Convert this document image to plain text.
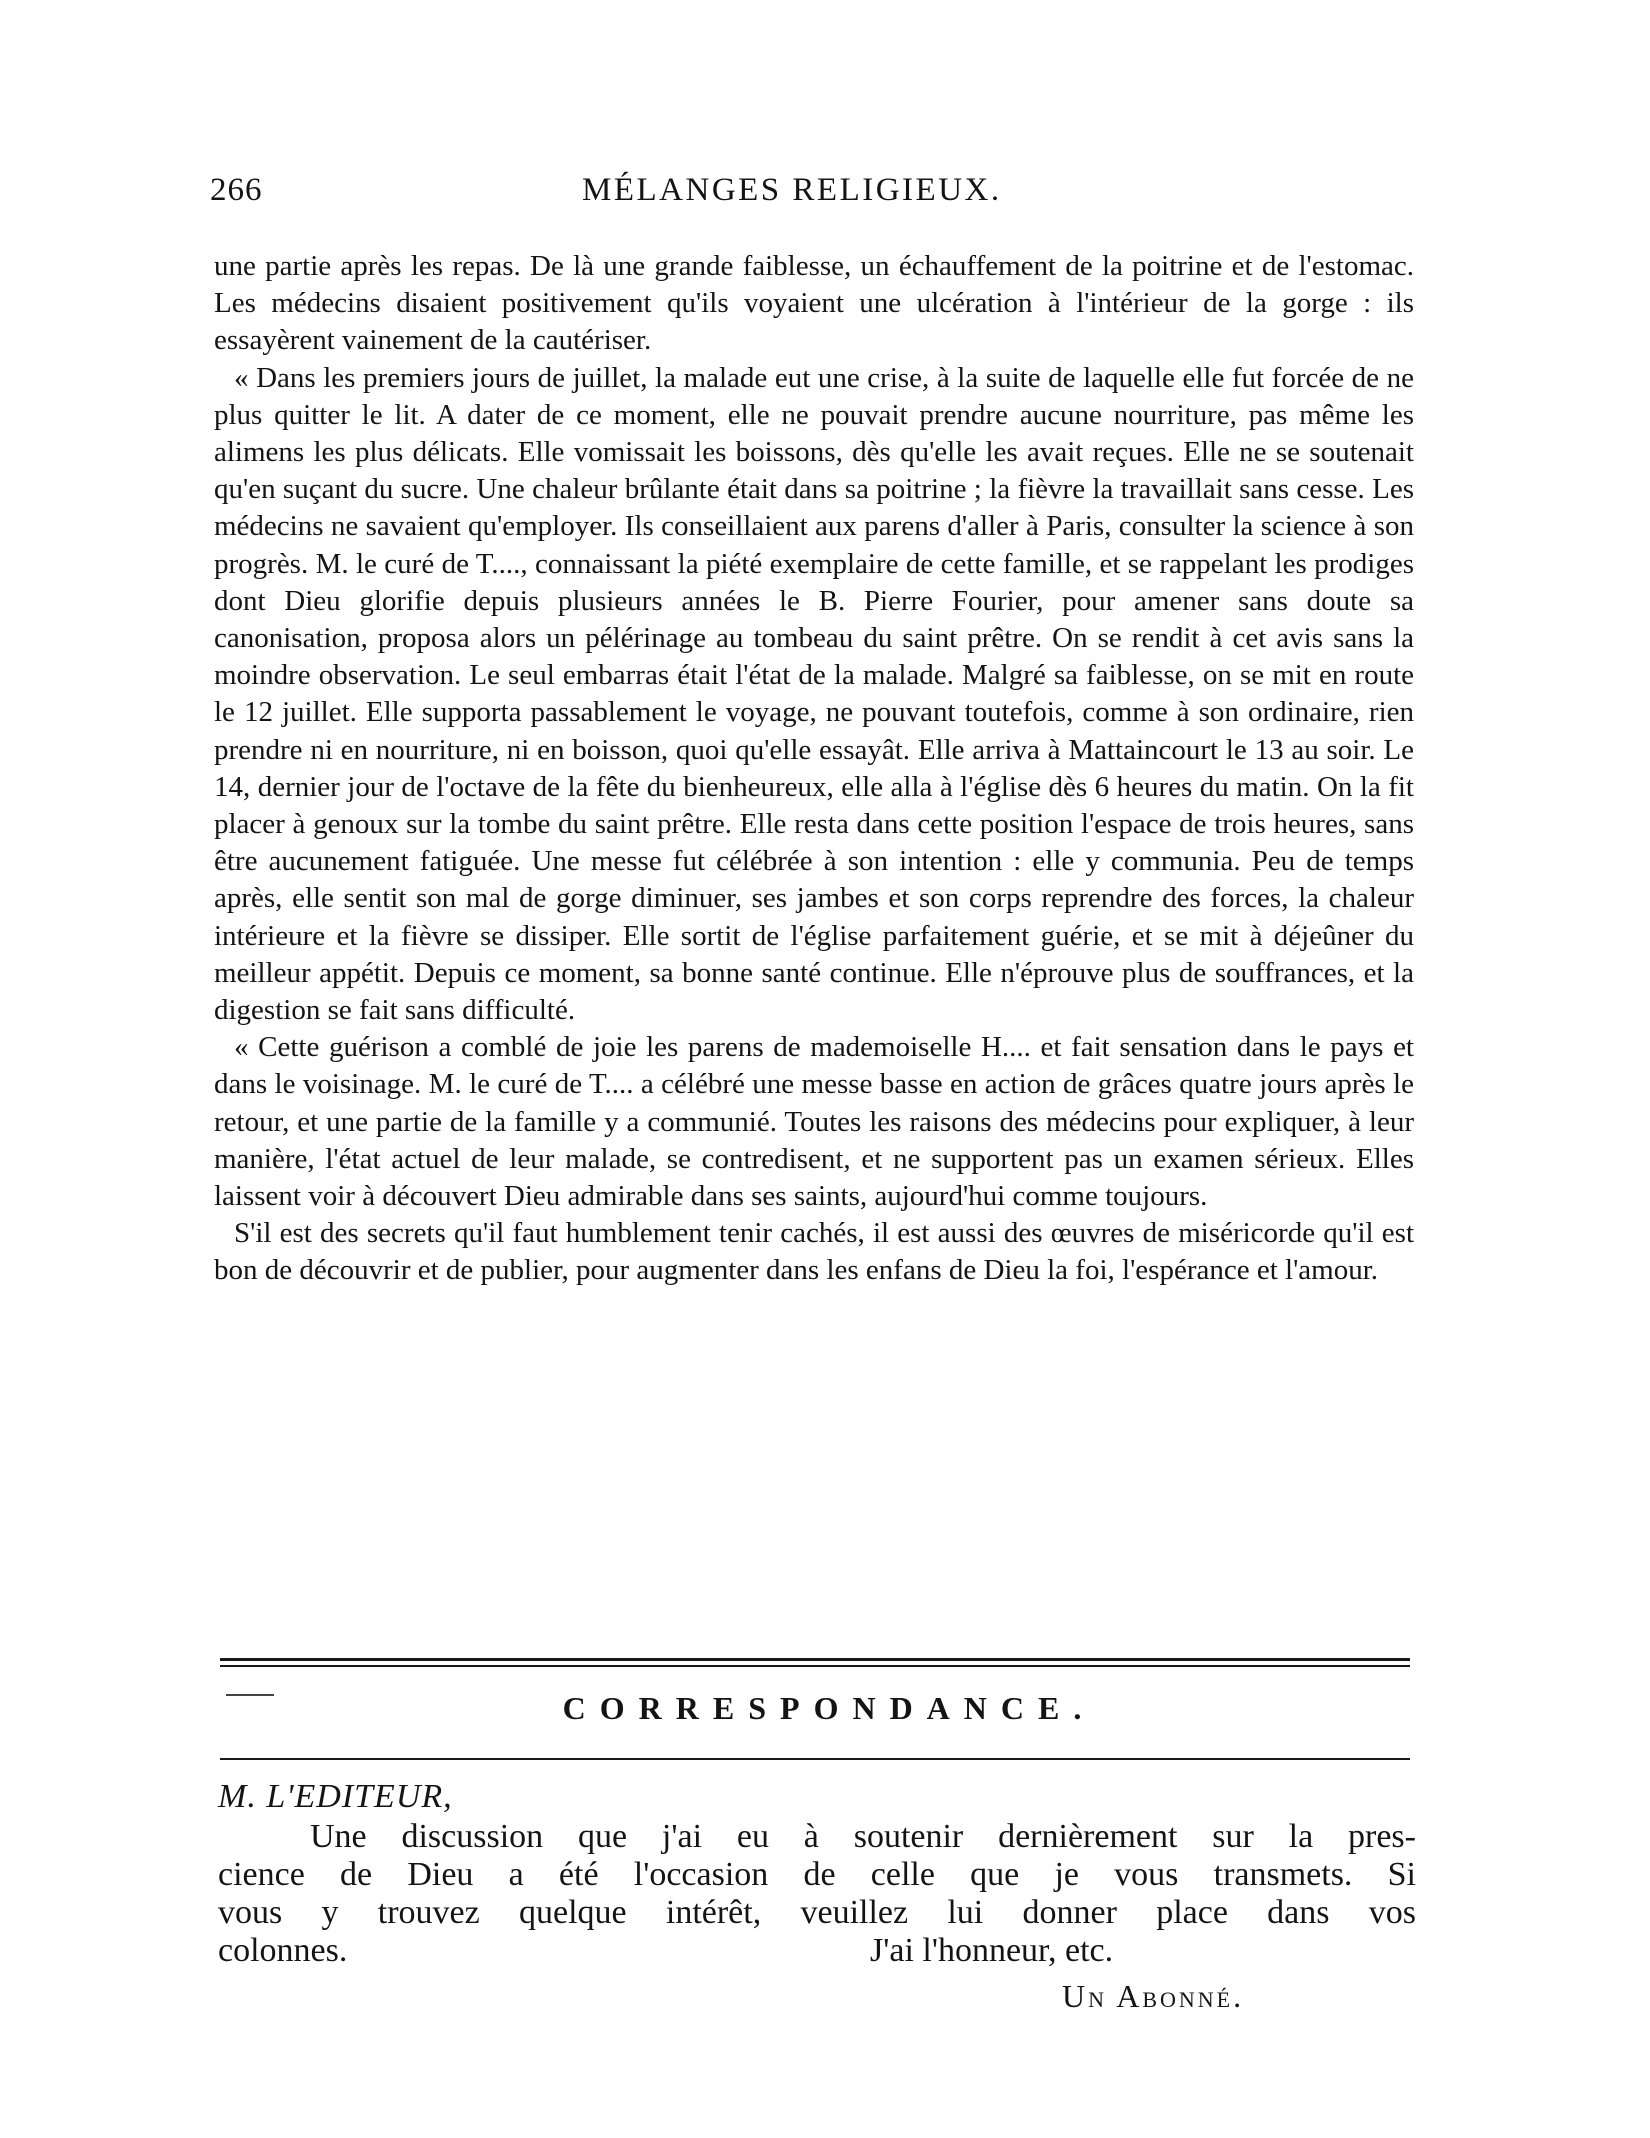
266	MÉLANGES RELIGIEUX.

une partie après les repas. De là une grande faiblesse, un échauffement de la poitrine et de l'estomac. Les médecins disaient positivement qu'ils voyaient une ulcération à l'intérieur de la gorge : ils essayèrent vainement de la cautériser.

« Dans les premiers jours de juillet, la malade eut une crise, à la suite de laquelle elle fut forcée de ne plus quitter le lit. A dater de ce moment, elle ne pouvait prendre aucune nourriture, pas même les alimens les plus délicats. Elle vomissait les boissons, dès qu'elle les avait reçues. Elle ne se soutenait qu'en suçant du sucre. Une chaleur brûlante était dans sa poitrine ; la fièvre la travaillait sans cesse. Les médecins ne savaient qu'employer. Ils conseillaient aux parens d'aller à Paris, consulter la science à son progrès. M. le curé de T...., connaissant la piété exemplaire de cette famille, et se rappelant les prodiges dont Dieu glorifie depuis plusieurs années le B. Pierre Fourier, pour amener sans doute sa canonisation, proposa alors un pélérinage au tombeau du saint prêtre. On se rendit à cet avis sans la moindre observation. Le seul embarras était l'état de la malade. Malgré sa faiblesse, on se mit en route le 12 juillet. Elle supporta passablement le voyage, ne pouvant toutefois, comme à son ordinaire, rien prendre ni en nourriture, ni en boisson, quoi qu'elle essayât. Elle arriva à Mattaincourt le 13 au soir. Le 14, dernier jour de l'octave de la fête du bienheureux, elle alla à l'église dès 6 heures du matin. On la fit placer à genoux sur la tombe du saint prêtre. Elle resta dans cette position l'espace de trois heures, sans être aucunement fatiguée. Une messe fut célébrée à son intention : elle y communia. Peu de temps après, elle sentit son mal de gorge diminuer, ses jambes et son corps reprendre des forces, la chaleur intérieure et la fièvre se dissiper. Elle sortit de l'église parfaitement guérie, et se mit à déjeûner du meilleur appétit. Depuis ce moment, sa bonne santé continue. Elle n'éprouve plus de souffrances, et la digestion se fait sans difficulté.

« Cette guérison a comblé de joie les parens de mademoiselle H.... et fait sensation dans le pays et dans le voisinage. M. le curé de T.... a célébré une messe basse en action de grâces quatre jours après le retour, et une partie de la famille y a communié. Toutes les raisons des médecins pour expliquer, à leur manière, l'état actuel de leur malade, se contredisent, et ne supportent pas un examen sérieux. Elles laissent voir à découvert Dieu admirable dans ses saints, aujourd'hui comme toujours.

S'il est des secrets qu'il faut humblement tenir cachés, il est aussi des œuvres de miséricorde qu'il est bon de découvrir et de publier, pour augmenter dans les enfans de Dieu la foi, l'espérance et l'amour.

CORRESPONDANCE.
M. L'EDITEUR,
Une discussion que j'ai eu à soutenir dernièrement sur la pres-
cience de Dieu a été l'occasion de celle que je vous transmets. Si
vous y trouvez quelque intérêt, veuillez lui donner place dans vos
colonnes.	J'ai l'honneur, etc.
Un Abonné.
